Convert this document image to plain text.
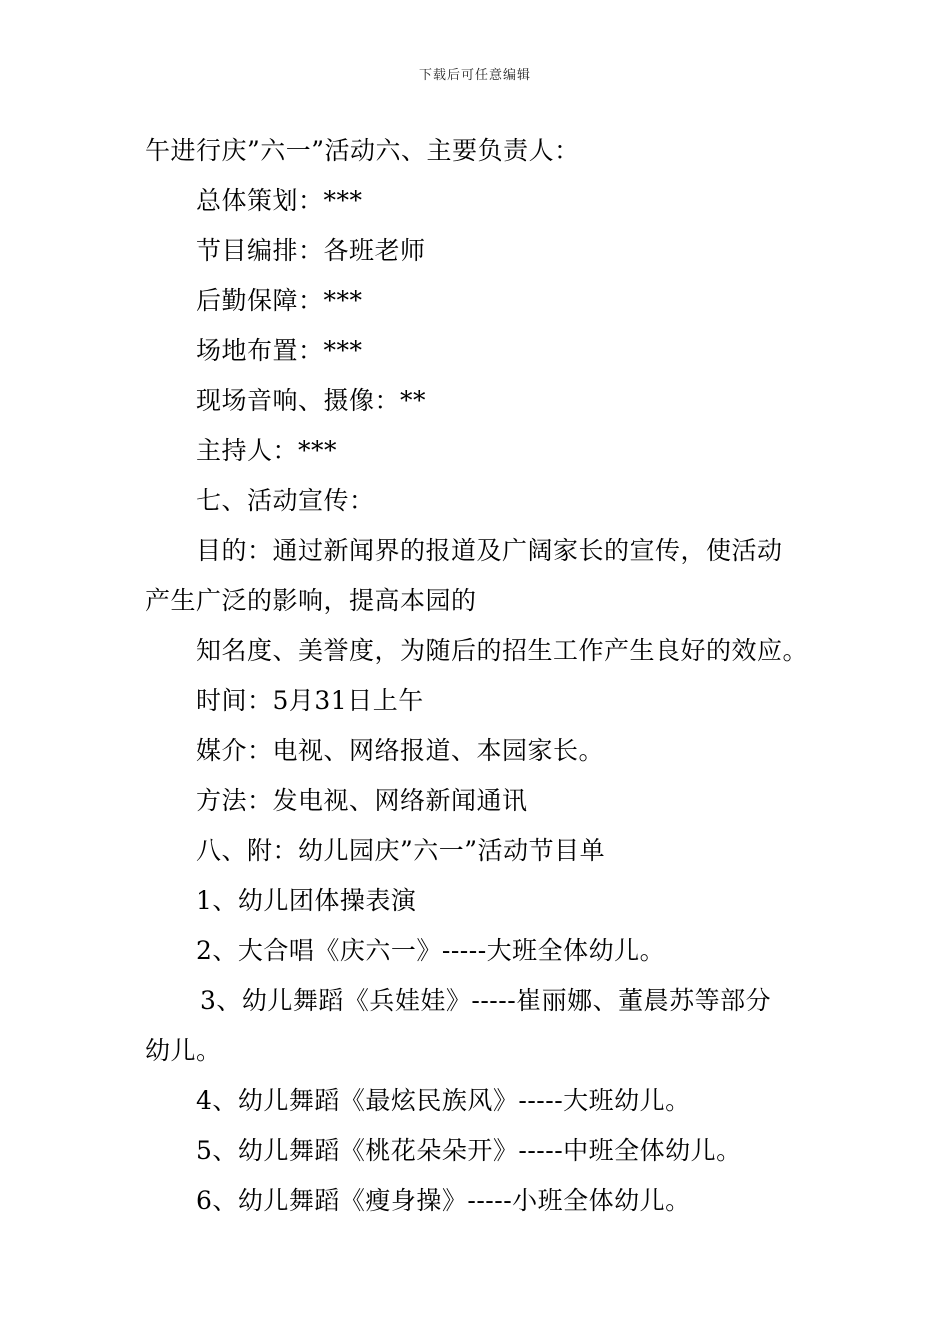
下载后可任意编辑
午进行庆”六一”活动六、主要负责人：
总体策划：***
节目编排：各班老师
后勤保障：***
场地布置：***
现场音响、摄像：**
主持人：***
七、活动宣传：
目的：通过新闻界的报道及广阔家长的宣传，使活动
产生广泛的影响，提高本园的
知名度、美誉度，为随后的招生工作产生良好的效应。
时间：5月31日上午
媒介：电视、网络报道、本园家长。
方法：发电视、网络新闻通讯
八、附：幼儿园庆”六一”活动节目单
1、幼儿团体操表演
2、大合唱《庆六一》-----大班全体幼儿。
3、幼儿舞蹈《兵娃娃》-----崔丽娜、董晨苏等部分
幼儿。
4、幼儿舞蹈《最炫民族风》-----大班幼儿。
5、幼儿舞蹈《桃花朵朵开》-----中班全体幼儿。
6、幼儿舞蹈《瘦身操》-----小班全体幼儿。
